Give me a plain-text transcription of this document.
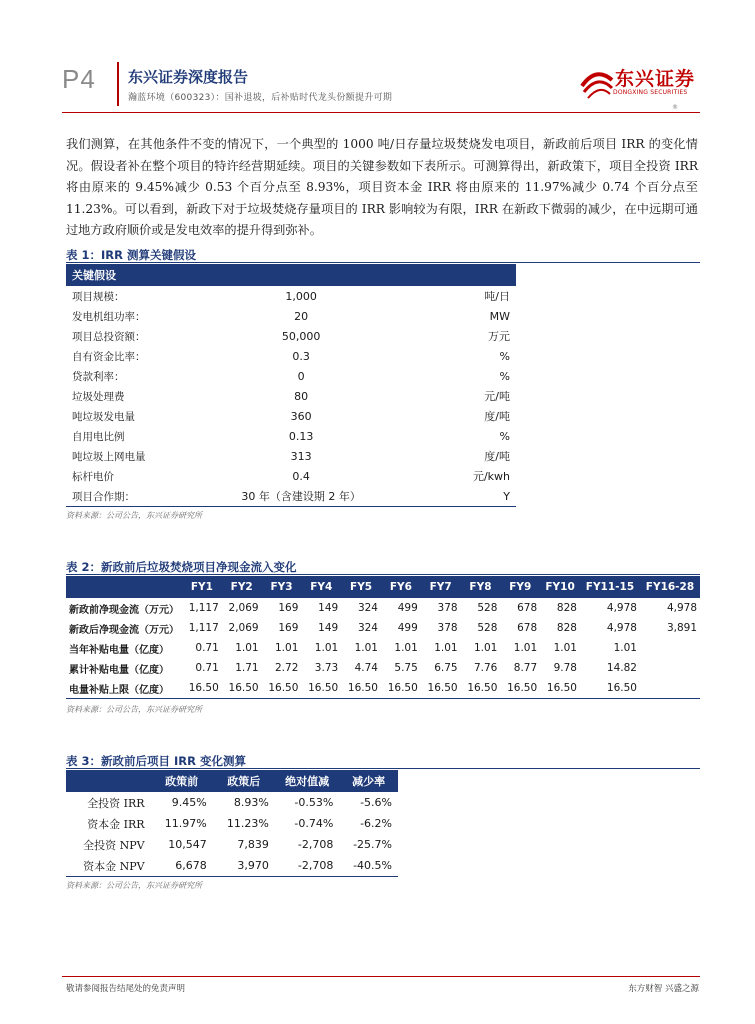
P4 东兴证券深度报告
瀚蓝环境（600323）：国补退坡，后补贴时代龙头份额提升可期
东兴证券
DONGXING SECURITIES
®
我们测算，在其他条件不变的情况下，一个典型的 1000 吨/日存量垃圾焚烧发电项目，新政前后项目 IRR 的变化情况。假设者补在整个项目的特许经营期延续。项目的关键参数如下表所示。可测算得出，新政策下，项目全投资 IRR 将由原来的 9.45%减少 0.53 个百分点至 8.93%，项目资本金 IRR 将由原来的 11.97%减少 0.74 个百分点至 11.23%。可以看到，新政下对于垃圾焚烧存量项目的 IRR 影响较为有限，IRR 在新政下微弱的减少，在中远期可通过地方政府顺价或是发电效率的提升得到弥补。
表 1：IRR 测算关键假设
关键假设		
项目规模：	1,000	吨/日
发电机组功率：	20	MW
项目总投资额：	50,000	万元
自有资金比率：	0.3	%
贷款利率：	0	%
垃圾处理费	80	元/吨
吨垃圾发电量	360	度/吨
自用电比例	0.13	%
吨垃圾上网电量	313	度/吨
标杆电价	0.4	元/kwh
项目合作期：	30 年（含建设期 2 年）	Y
资料来源：公司公告，东兴证券研究所
表 2：新政前后垃圾焚烧项目净现金流入变化
	FY1	FY2	FY3	FY4	FY5	FY6	FY7	FY8	FY9	FY10	FY11-15	FY16-28
新政前净现金流（万元）	1,117	2,069	169	149	324	499	378	528	678	828	4,978	4,978
新政后净现金流（万元）	1,117	2,069	169	149	324	499	378	528	678	828	4,978	3,891
当年补贴电量（亿度）	0.71	1.01	1.01	1.01	1.01	1.01	1.01	1.01	1.01	1.01	1.01	
累计补贴电量（亿度）	0.71	1.71	2.72	3.73	4.74	5.75	6.75	7.76	8.77	9.78	14.82	
电量补贴上限（亿度）	16.50	16.50	16.50	16.50	16.50	16.50	16.50	16.50	16.50	16.50	16.50	
资料来源：公司公告，东兴证券研究所
表 3：新政前后项目 IRR 变化测算
	政策前	政策后	绝对值减	减少率
全投资 IRR	9.45%	8.93%	-0.53%	-5.6%
资本金 IRR	11.97%	11.23%	-0.74%	-6.2%
全投资 NPV	10,547	7,839	-2,708	-25.7%
资本金 NPV	6,678	3,970	-2,708	-40.5%
资料来源：公司公告，东兴证券研究所
敬请参阅报告结尾处的免责声明	东方财智 兴盛之源
